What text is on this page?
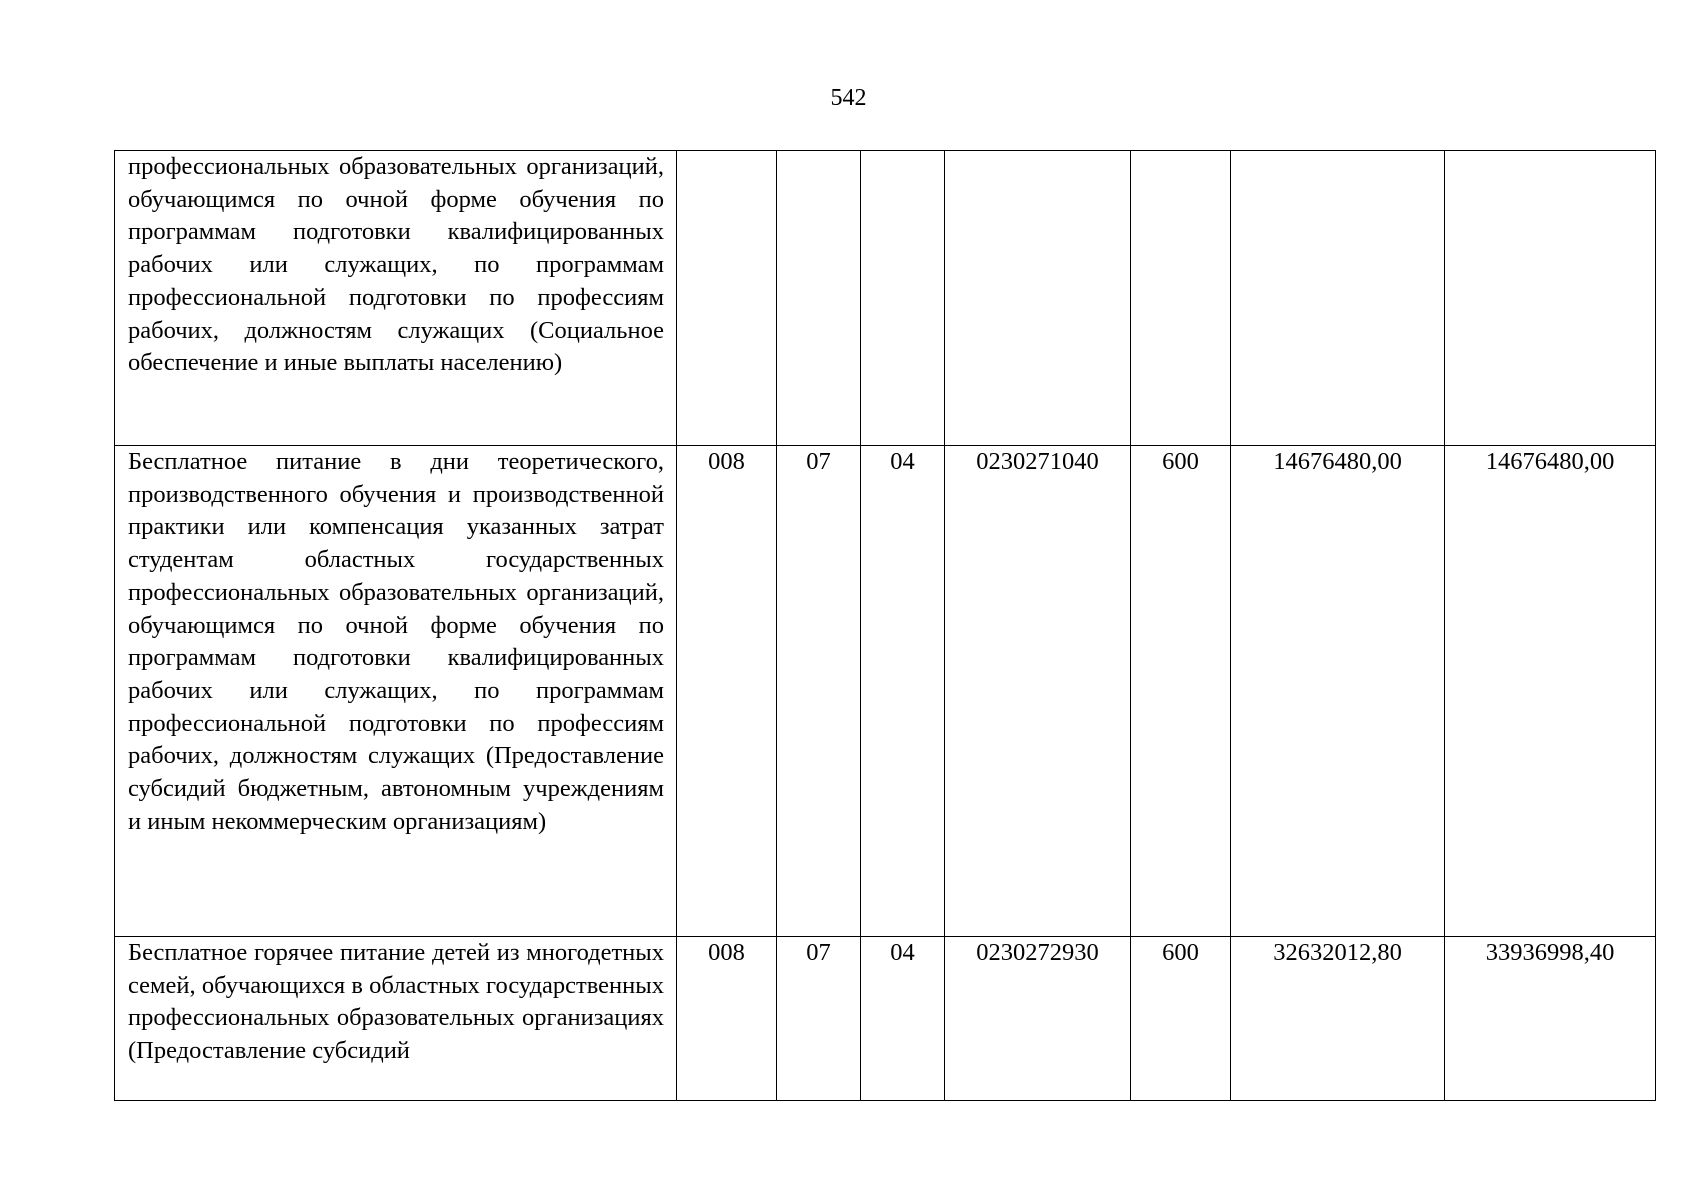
542
профессиональных образовательных организаций, обучающимся по очной форме обучения по программам подготовки квалифицированных рабочих или служащих, по программам профессиональной подготовки по профессиям рабочих, должностям служащих (Социальное обеспечение и иные выплаты населению)							
Бесплатное питание в дни теоретического, производственного обучения и производственной практики или компенсация указанных затрат студентам областных государственных профессиональных образовательных организаций, обучающимся по очной форме обучения по программам подготовки квалифицированных рабочих или служащих, по программам профессиональной подготовки по профессиям рабочих, должностям служащих (Предоставление субсидий бюджетным, автономным учреждениям и иным некоммерческим организациям)	008	07	04	0230271040	600	14676480,00	14676480,00
Бесплатное горячее питание детей из многодетных семей, обучающихся в областных государственных профессиональных образовательных организациях (Предоставление субсидий	008	07	04	0230272930	600	32632012,80	33936998,40
